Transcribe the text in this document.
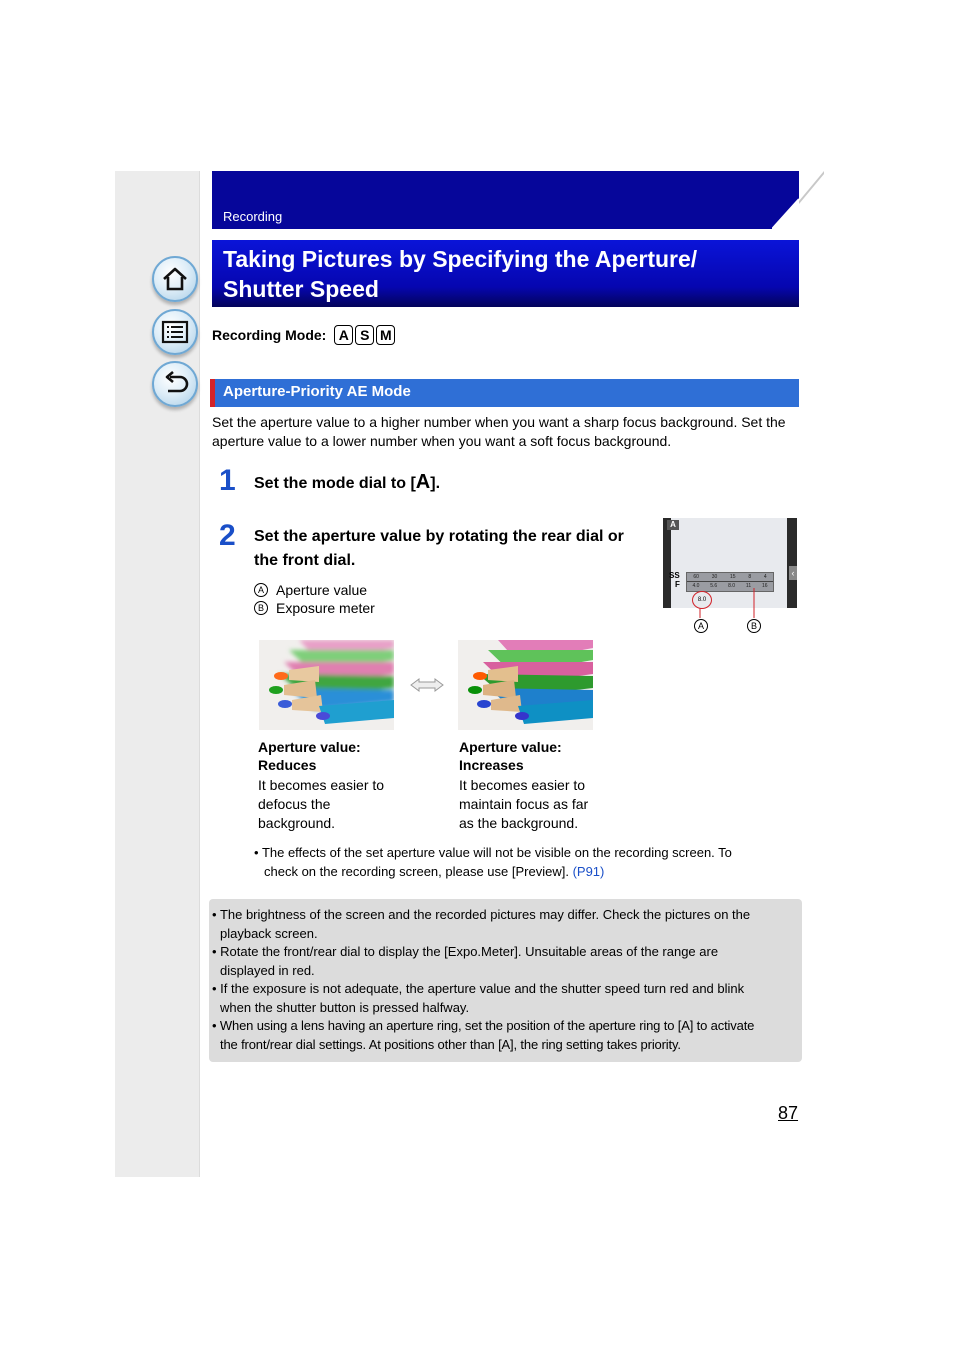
Recording
Taking Pictures by Specifying the Aperture/
Shutter Speed
Recording Mode: A S M
Aperture-Priority AE Mode
Set the aperture value to a higher number when you want a sharp focus background. Set the aperture value to a lower number when you want a soft focus background.
1 Set the mode dial to [A].
2 Set the aperture value by rotating the rear dial or
the front dial.
A Aperture value
B Exposure meter
A
SS
F
60	30	15	8	4
4.0 5.6 8.0 11 16
8.0
‹
A	B
Aperture value:
Reduces
It becomes easier to
defocus the
background.
Aperture value:
Increases
It becomes easier to
maintain focus as far
as the background.
• The effects of the set aperture value will not be visible on the recording screen. To
check on the recording screen, please use [Preview]. (P91)
• The brightness of the screen and the recorded pictures may differ. Check the pictures on the
playback screen.
• Rotate the front/rear dial to display the [Expo.Meter]. Unsuitable areas of the range are
displayed in red.
• If the exposure is not adequate, the aperture value and the shutter speed turn red and blink
when the shutter button is pressed halfway.
• When using a lens having an aperture ring, set the position of the aperture ring to [A] to activate
the front/rear dial settings. At positions other than [A], the ring setting takes priority.
87
